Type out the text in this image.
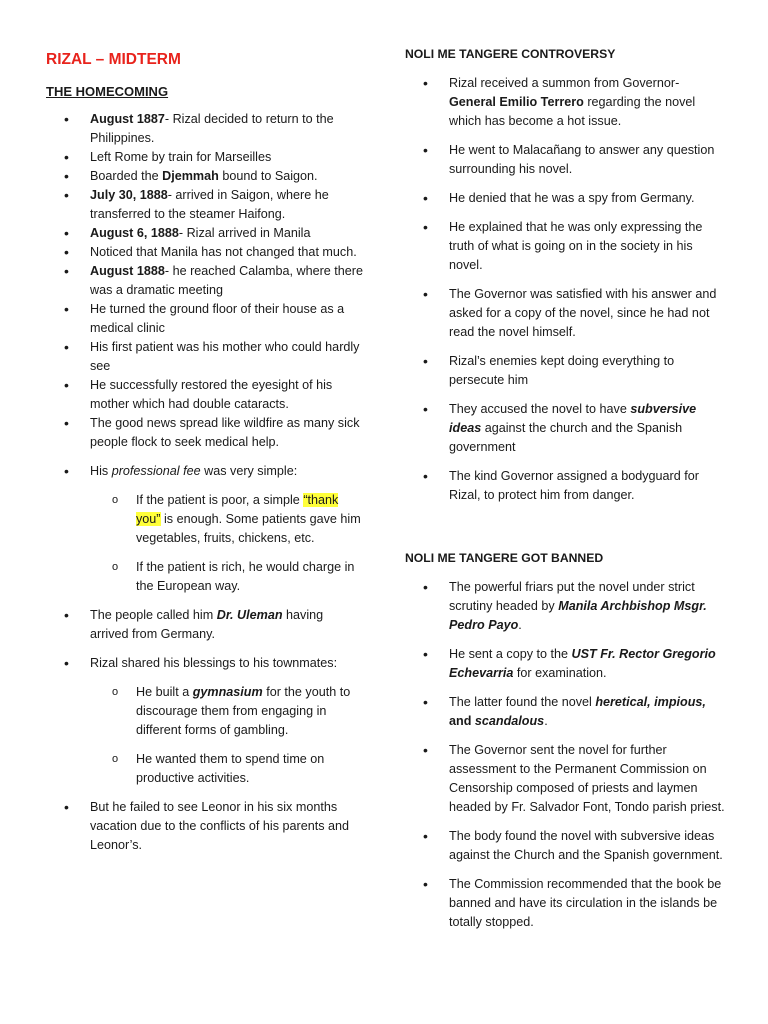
RIZAL – MIDTERM
THE HOMECOMING
• August 1887- Rizal decided to return to the Philippines.
• Left Rome by train for Marseilles
• Boarded the Djemmah bound to Saigon.
• July 30, 1888- arrived in Saigon, where he transferred to the steamer Haifong.
• August 6, 1888- Rizal arrived in Manila
• Noticed that Manila has not changed that much.
• August 1888- he reached Calamba, where there was a dramatic meeting
• He turned the ground floor of their house as a medical clinic
• His first patient was his mother who could hardly see
• He successfully restored the eyesight of his mother which had double cataracts.
• The good news spread like wildfire as many sick people flock to seek medical help.
• His professional fee was very simple:
o If the patient is poor, a simple “thank you” is enough. Some patients gave him vegetables, fruits, chickens, etc.
o If the patient is rich, he would charge in the European way.
• The people called him Dr. Uleman having arrived from Germany.
• Rizal shared his blessings to his townmates:
o He built a gymnasium for the youth to discourage them from engaging in different forms of gambling.
o He wanted them to spend time on productive activities.
• But he failed to see Leonor in his six months vacation due to the conflicts of his parents and Leonor’s.
NOLI ME TANGERE CONTROVERSY
• Rizal received a summon from Governor-General Emilio Terrero regarding the novel which has become a hot issue.
• He went to Malacañang to answer any question surrounding his novel.
• He denied that he was a spy from Germany.
• He explained that he was only expressing the truth of what is going on in the society in his novel.
• The Governor was satisfied with his answer and asked for a copy of the novel, since he had not read the novel himself.
• Rizal’s enemies kept doing everything to persecute him
• They accused the novel to have subversive ideas against the church and the Spanish government
• The kind Governor assigned a bodyguard for Rizal, to protect him from danger.
NOLI ME TANGERE GOT BANNED
• The powerful friars put the novel under strict scrutiny headed by Manila Archbishop Msgr. Pedro Payo.
• He sent a copy to the UST Fr. Rector Gregorio Echevarria for examination.
• The latter found the novel heretical, impious, and scandalous.
• The Governor sent the novel for further assessment to the Permanent Commission on Censorship composed of priests and laymen headed by Fr. Salvador Font, Tondo parish priest.
• The body found the novel with subversive ideas against the Church and the Spanish government.
• The Commission recommended that the book be banned and have its circulation in the islands be totally stopped.
